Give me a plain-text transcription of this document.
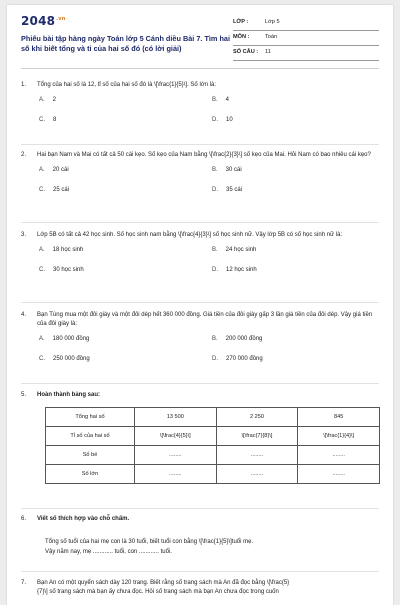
$2048^{.vn}$
Phiếu bài tập hàng ngày Toán lớp 5 Cánh diều Bài 7. Tìm hai số khi biết tổng và tỉ của hai số đó (có lời giải)
LỚP :	Lớp 5
MÔN :	Toán
SỐ CÂU : 11
1. Tổng của hai số là 12, tỉ số của hai số đó là \[\frac{1}{5}\]. Số lớn là:
A. 2	B. 4
C. 8	D. 10
2. Hai bạn Nam và Mai có tất cả 50 cái kẹo. Số kẹo của Nam bằng \[\frac{2}{3}\] số kẹo của Mai. Hỏi Nam có bao nhiêu cái kẹo?
A. 20 cái	B. 30 cái
C. 25 cái	D. 35 cái
3. Lớp 5B có tất cả 42 học sinh. Số học sinh nam bằng \[\frac{4}{3}\] số học sinh nữ. Vậy lớp 5B có số học sinh nữ là:
A. 18 học sinh	B. 24 học sinh
C. 30 học sinh	D. 12 học sinh
4. Bạn Tùng mua một đôi giày và một đôi dép hết 360 000 đồng. Giá tiền của đôi giày gấp 3 lần giá tiền của đôi dép. Vậy giá tiền của đôi giày là:
A. 180 000 đồng	B. 200 000 đồng
C. 250 000 đồng	D. 270 000 đồng
5. Hoàn thành bảng sau:
Tổng hai số	13 500	2 250	845
Tỉ số của hai số	\[\frac{4}{5}\]	\[\frac{7}{8}\]	\[\frac{1}{4}\]
Số bé	........	........	........
Số lớn	........	........	........
6. Viết số thích hợp vào chỗ chấm.
Tổng số tuổi của hai mẹ con là 30 tuổi, biết tuổi con bằng \[\frac{1}{5}\]tuổi mẹ.
Vậy năm nay, mẹ ............ tuổi, con ............ tuổi.
7. Bạn An có một quyển sách dày 120 trang. Biết rằng số trang sách mà An đã đọc bằng \[\frac{5}
{7}\] số trang sách mà bạn ấy chưa đọc. Hỏi số trang sách mà bạn An chưa đọc trong cuốn
